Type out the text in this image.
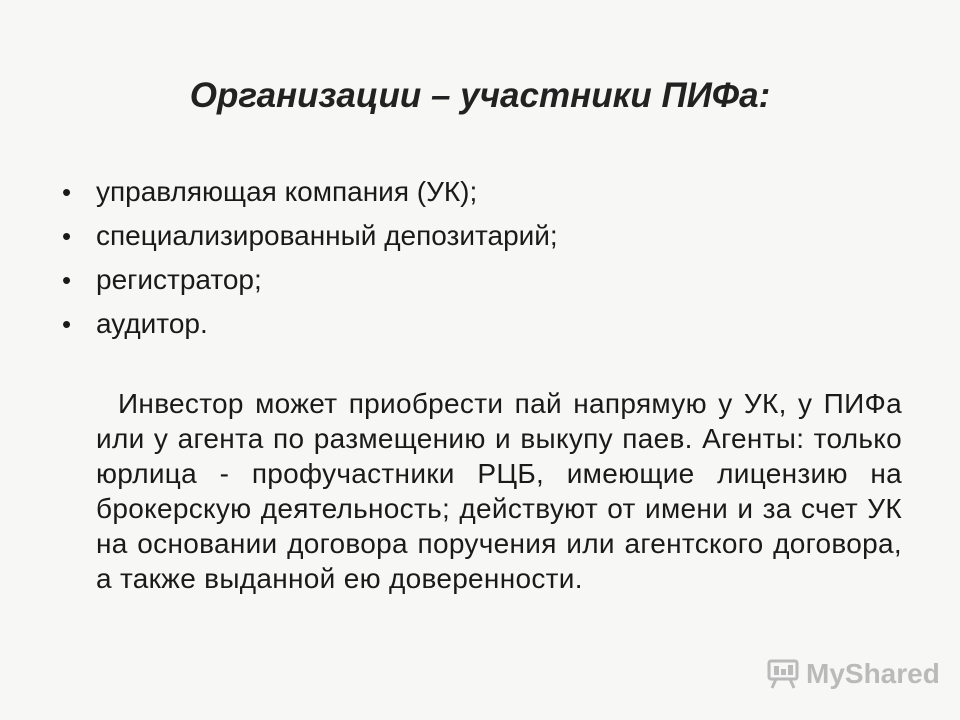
Организации – участники ПИФа:
• управляющая компания (УК);
• специализированный депозитарий;
• регистратор;
• аудитор.

Инвестор может приобрести пай напрямую у УК, у ПИФа или у агента по размещению и выкупу паев. Агенты: только юрлица - профучастники РЦБ, имеющие лицензию на брокерскую деятельность; действуют от имени и за счет УК на основании договора поручения или агентского договора, а также выданной ею доверенности.

MyShared
